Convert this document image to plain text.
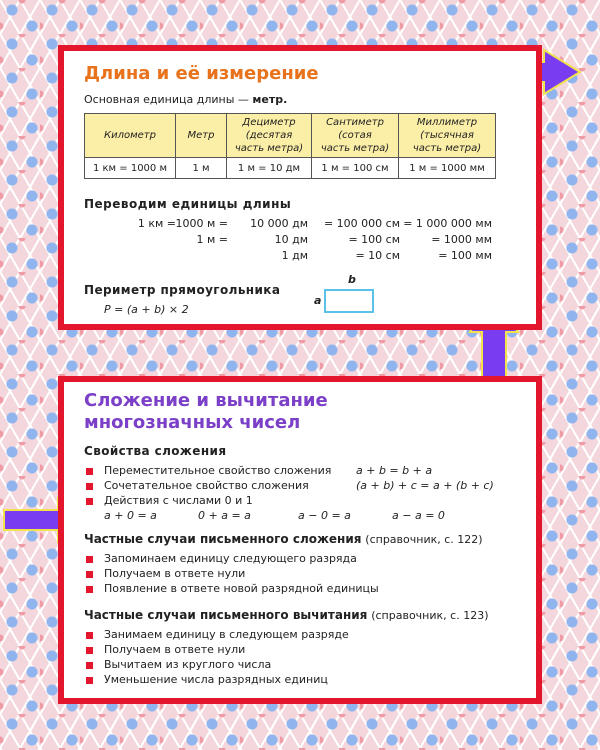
Длина и её измерение
Основная единица длины — метр.
Километр	Метр	Дециметр
(десятая
часть метра)	Сантиметр
(сотая
часть метра)	Миллиметр
(тысячная
часть метра)
1 км = 1000 м	1 м	1 м = 10 дм	1 м = 100 см	1 м = 1000 мм
Переводим единицы длины
1 км = 1000 м = 10 000 дм = 100 000 см = 1 000 000 мм
1 м =	10 дм	= 100 см	= 1000 мм
1 дм	= 10 см	= 100 мм
Периметр прямоугольника
P = (a + b) × 2
b
a
Сложение и вычитание
многозначных чисел
Свойства сложения
Переместительное свойство сложения a + b = b + a
Сочетательное свойство сложения	(a + b) + c = a + (b + c)
Действия с числами 0 и 1
a + 0 = a	0 + a = a	a − 0 = a	a − a = 0
Частные случаи письменного сложения (справочник, с. 122)
Запоминаем единицу следующего разряда
Получаем в ответе нули
Появление в ответе новой разрядной единицы
Частные случаи письменного вычитания (справочник, с. 123)
Занимаем единицу в следующем разряде
Получаем в ответе нули
Вычитаем из круглого числа
Уменьшение числа разрядных единиц
